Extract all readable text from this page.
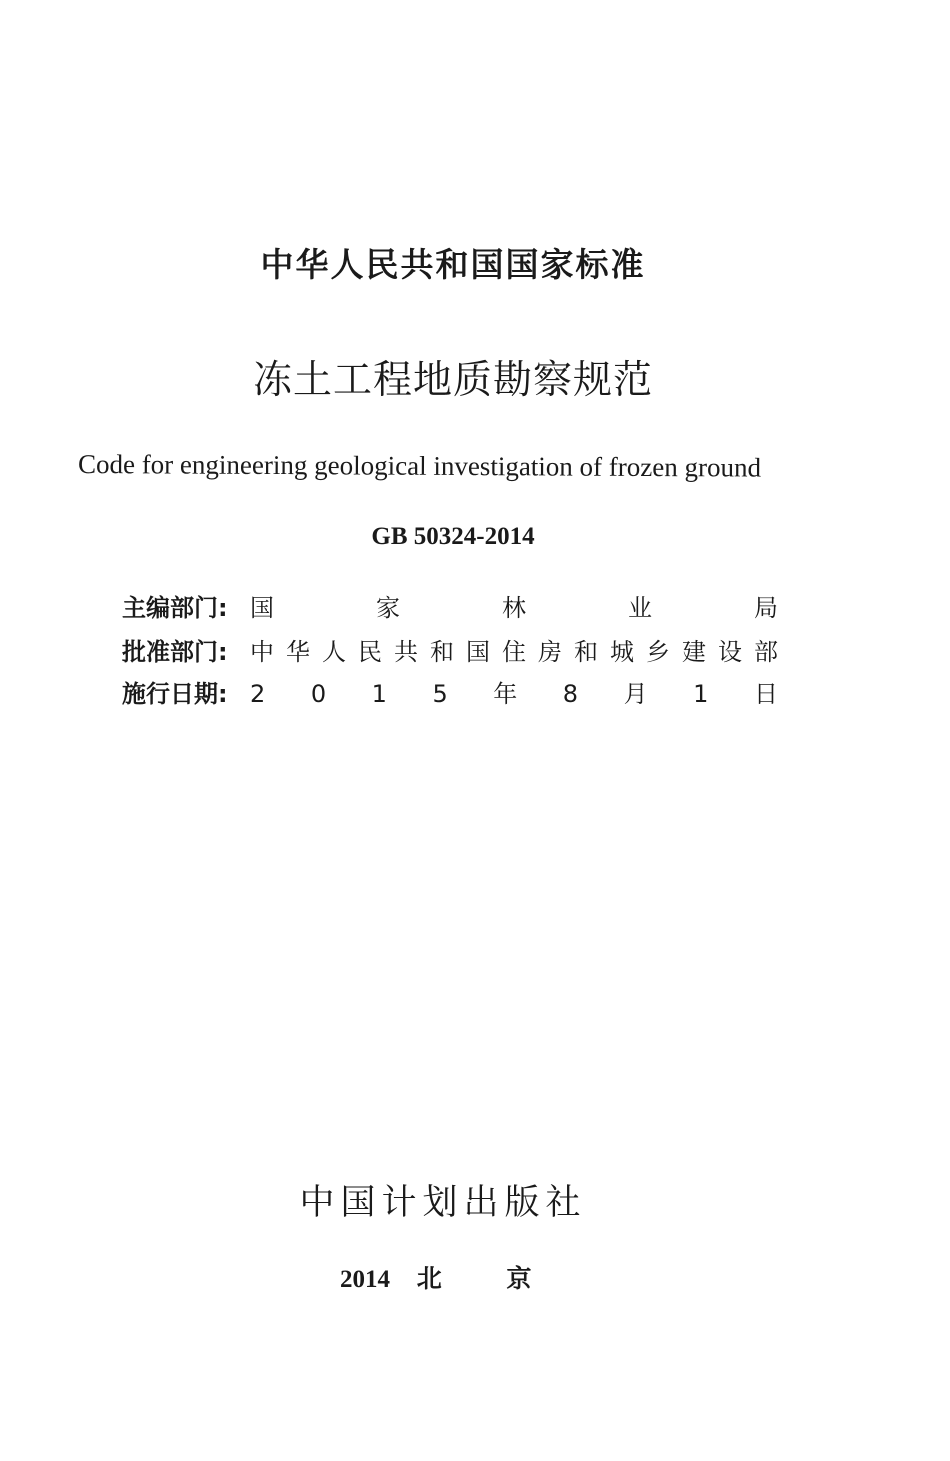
中华人民共和国国家标准
冻土工程地质勘察规范
Code for engineering geological investigation of frozen ground
GB 50324-2014
主编部门: 国	家	林	业	局
批准部门: 中 华 人 民 共 和 国 住 房 和 城 乡 建 设 部
施行日期: 2 0 1 5 年 8 月 1 日
中国计划出版社
2014 北	京
